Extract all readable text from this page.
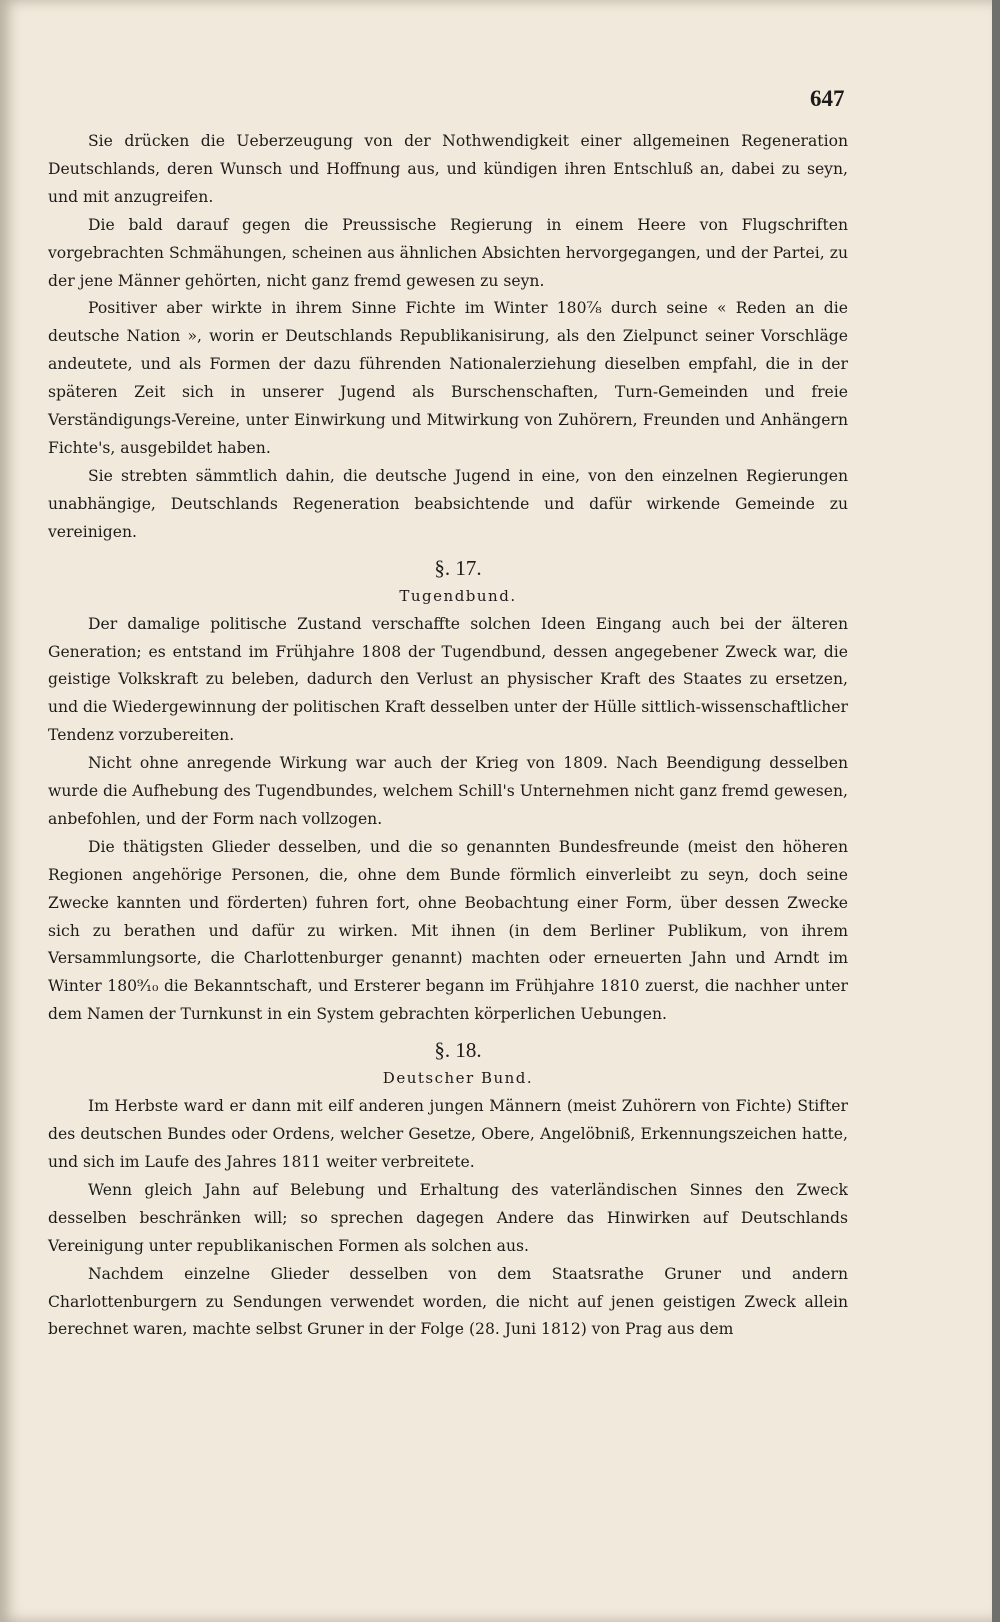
647

Sie drücken die Ueberzeugung von der Nothwendigkeit einer allgemeinen Regeneration Deutschlands, deren Wunsch und Hoffnung aus, und kündigen ihren Entschluß an, dabei zu seyn, und mit anzugreifen.

Die bald darauf gegen die Preussische Regierung in einem Heere von Flugschriften vorgebrachten Schmähungen, scheinen aus ähnlichen Absichten hervorgegangen, und der Partei, zu der jene Männer gehörten, nicht ganz fremd gewesen zu seyn.

Positiver aber wirkte in ihrem Sinne Fichte im Winter 180⁷⁄₈ durch seine « Reden an die deutsche Nation », worin er Deutschlands Republikanisirung, als den Zielpunct seiner Vorschläge andeutete, und als Formen der dazu führenden Nationalerziehung dieselben empfahl, die in der späteren Zeit sich in unserer Jugend als Burschenschaften, Turn-Gemeinden und freie Verständigungs-Vereine, unter Einwirkung und Mitwirkung von Zuhörern, Freunden und Anhängern Fichte's, ausgebildet haben.

Sie strebten sämmtlich dahin, die deutsche Jugend in eine, von den einzelnen Regierungen unabhängige, Deutschlands Regeneration beabsichtende und dafür wirkende Gemeinde zu vereinigen.

§. 17.
Tugendbund.

Der damalige politische Zustand verschaffte solchen Ideen Eingang auch bei der älteren Generation; es entstand im Frühjahre 1808 der Tugendbund, dessen angegebener Zweck war, die geistige Volkskraft zu beleben, dadurch den Verlust an physischer Kraft des Staates zu ersetzen, und die Wiedergewinnung der politischen Kraft desselben unter der Hülle sittlich-wissenschaftlicher Tendenz vorzubereiten.

Nicht ohne anregende Wirkung war auch der Krieg von 1809. Nach Beendigung desselben wurde die Aufhebung des Tugendbundes, welchem Schill's Unternehmen nicht ganz fremd gewesen, anbefohlen, und der Form nach vollzogen.

Die thätigsten Glieder desselben, und die so genannten Bundesfreunde (meist den höheren Regionen angehörige Personen, die, ohne dem Bunde förmlich einverleibt zu seyn, doch seine Zwecke kannten und förderten) fuhren fort, ohne Beobachtung einer Form, über dessen Zwecke sich zu berathen und dafür zu wirken. Mit ihnen (in dem Berliner Publikum, von ihrem Versammlungsorte, die Charlottenburger genannt) machten oder erneuerten Jahn und Arndt im Winter 180⁹⁄₁₀ die Bekanntschaft, und Ersterer begann im Frühjahre 1810 zuerst, die nachher unter dem Namen der Turnkunst in ein System gebrachten körperlichen Uebungen.

§. 18.
Deutscher Bund.

Im Herbste ward er dann mit eilf anderen jungen Männern (meist Zuhörern von Fichte) Stifter des deutschen Bundes oder Ordens, welcher Gesetze, Obere, Angelöbniß, Erkennungszeichen hatte, und sich im Laufe des Jahres 1811 weiter verbreitete.

Wenn gleich Jahn auf Belebung und Erhaltung des vaterländischen Sinnes den Zweck desselben beschränken will; so sprechen dagegen Andere das Hinwirken auf Deutschlands Vereinigung unter republikanischen Formen als solchen aus.

Nachdem einzelne Glieder desselben von dem Staatsrathe Gruner und andern Charlottenburgern zu Sendungen verwendet worden, die nicht auf jenen geistigen Zweck allein berechnet waren, machte selbst Gruner in der Folge (28. Juni 1812) von Prag aus dem
